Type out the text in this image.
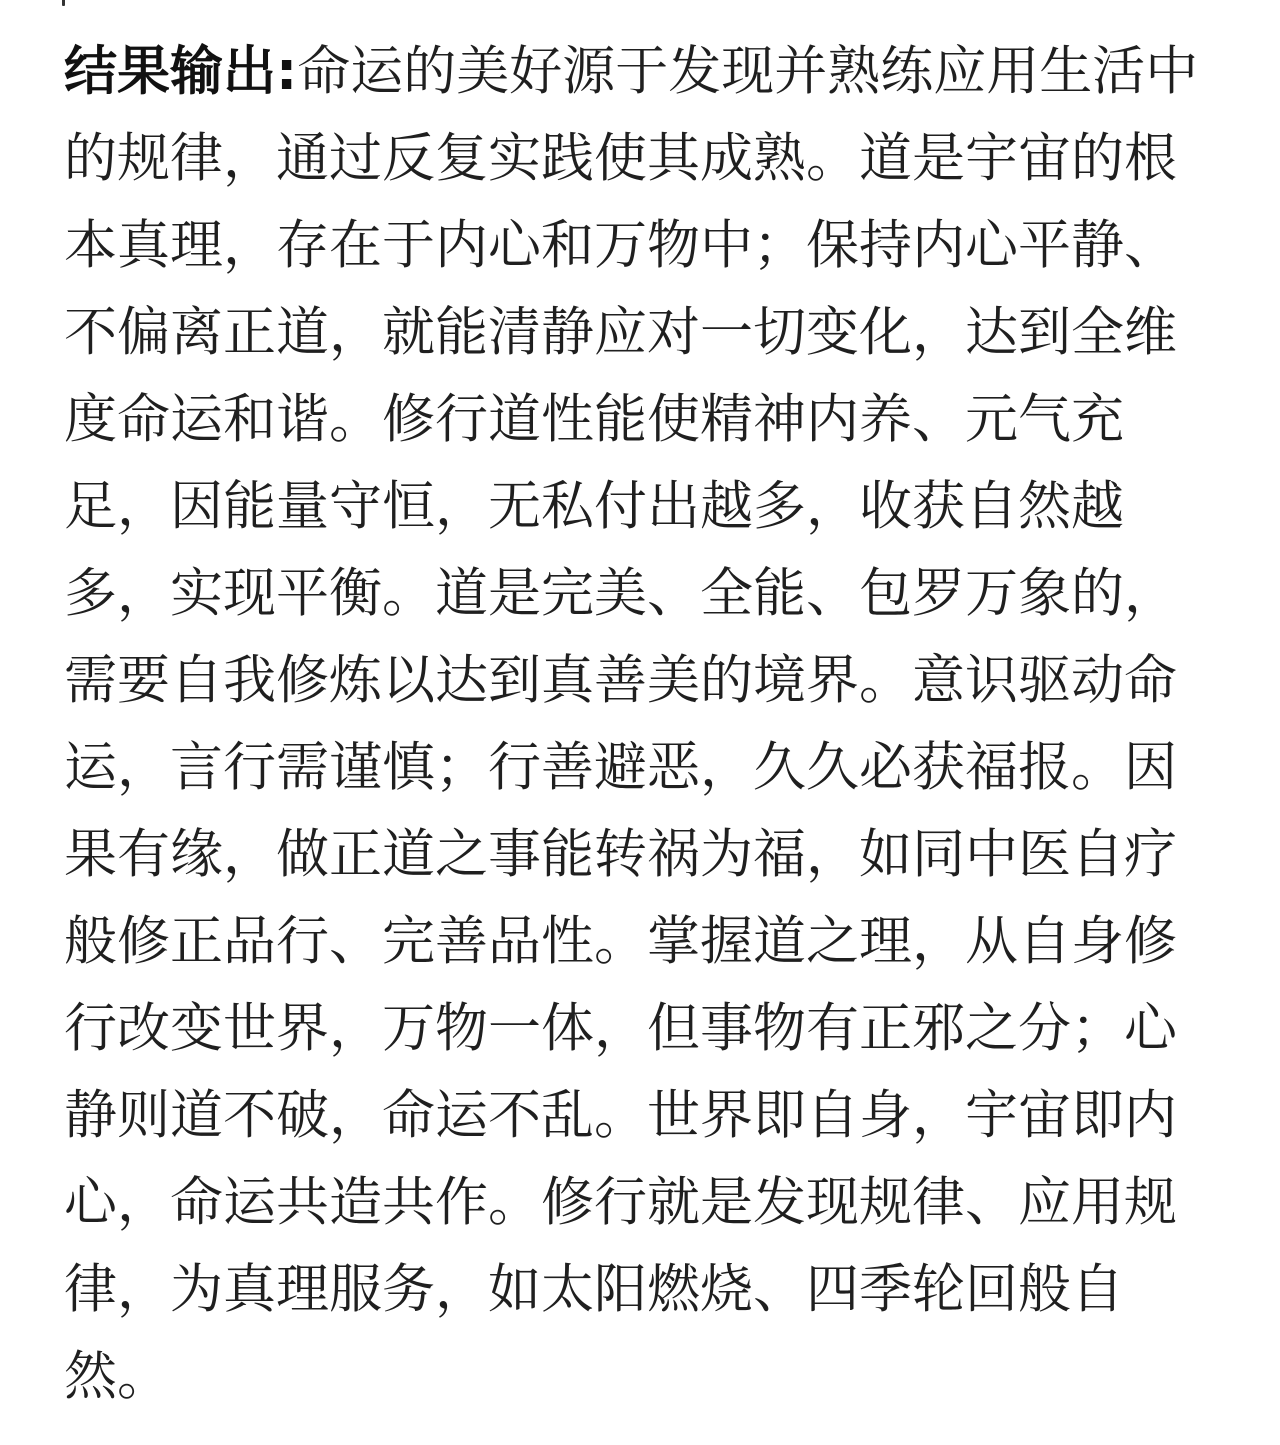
结果输出:命运的美好源于发现并熟练应用生活中的规律，通过反复实践使其成熟。道是宇宙的根本真理，存在于内心和万物中；保持内心平静、不偏离正道，就能清静应对一切变化，达到全维度命运和谐。修行道性能使精神内养、元气充足，因能量守恒，无私付出越多，收获自然越多，实现平衡。道是完美、全能、包罗万象的，需要自我修炼以达到真善美的境界。意识驱动命运，言行需谨慎；行善避恶，久久必获福报。因果有缘，做正道之事能转祸为福，如同中医自疗般修正品行、完善品性。掌握道之理，从自身修行改变世界，万物一体，但事物有正邪之分；心静则道不破，命运不乱。世界即自身，宇宙即内心，命运共造共作。修行就是发现规律、应用规律，为真理服务，如太阳燃烧、四季轮回般自然。
